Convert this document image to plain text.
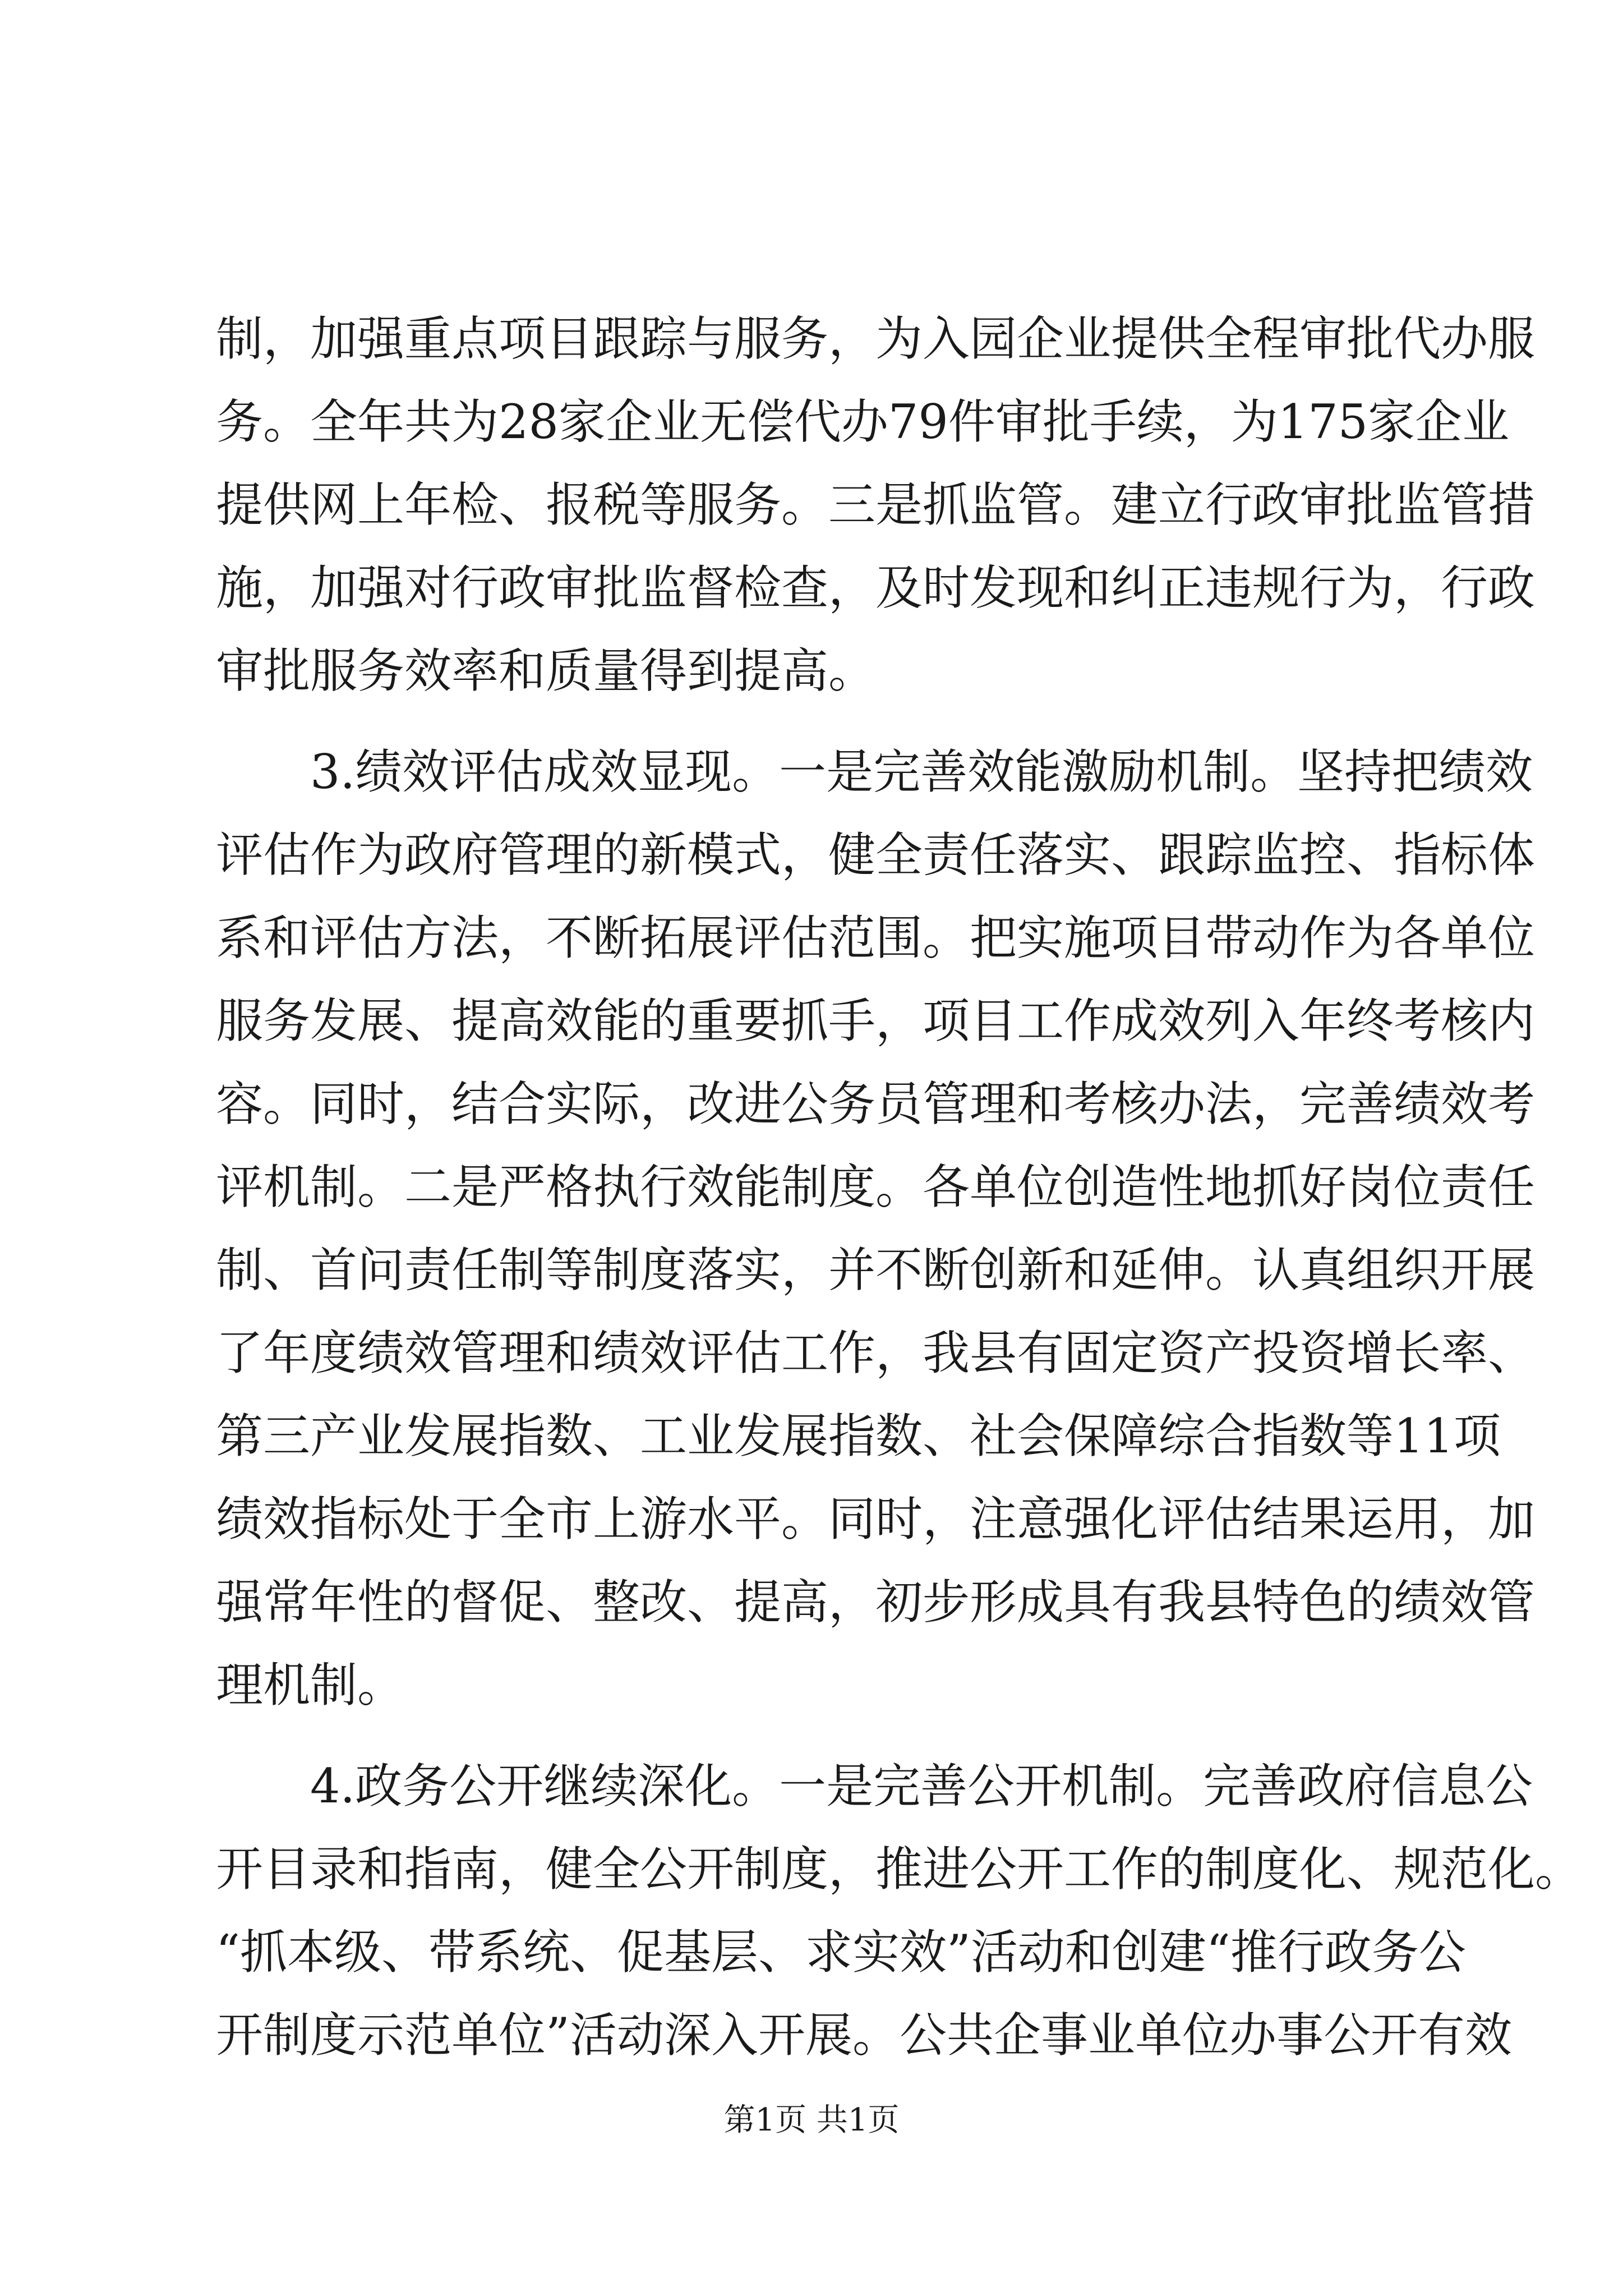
制，加强重点项目跟踪与服务，为入园企业提供全程审批代办服
务。全年共为28家企业无偿代办79件审批手续，为175家企业
提供网上年检、报税等服务。三是抓监管。建立行政审批监管措
施，加强对行政审批监督检查，及时发现和纠正违规行为，行政
审批服务效率和质量得到提高。
3.绩效评估成效显现。一是完善效能激励机制。坚持把绩效
评估作为政府管理的新模式，健全责任落实、跟踪监控、指标体
系和评估方法，不断拓展评估范围。把实施项目带动作为各单位
服务发展、提高效能的重要抓手，项目工作成效列入年终考核内
容。同时，结合实际，改进公务员管理和考核办法，完善绩效考
评机制。二是严格执行效能制度。各单位创造性地抓好岗位责任
制、首问责任制等制度落实，并不断创新和延伸。认真组织开展
了年度绩效管理和绩效评估工作，我县有固定资产投资增长率、
第三产业发展指数、工业发展指数、社会保障综合指数等11项
绩效指标处于全市上游水平。同时，注意强化评估结果运用，加
强常年性的督促、整改、提高，初步形成具有我县特色的绩效管
理机制。
4.政务公开继续深化。一是完善公开机制。完善政府信息公
开目录和指南，健全公开制度，推进公开工作的制度化、规范化。
“抓本级、带系统、促基层、求实效”活动和创建“推行政务公
开制度示范单位”活动深入开展。公共企事业单位办事公开有效
第1页 共1页
